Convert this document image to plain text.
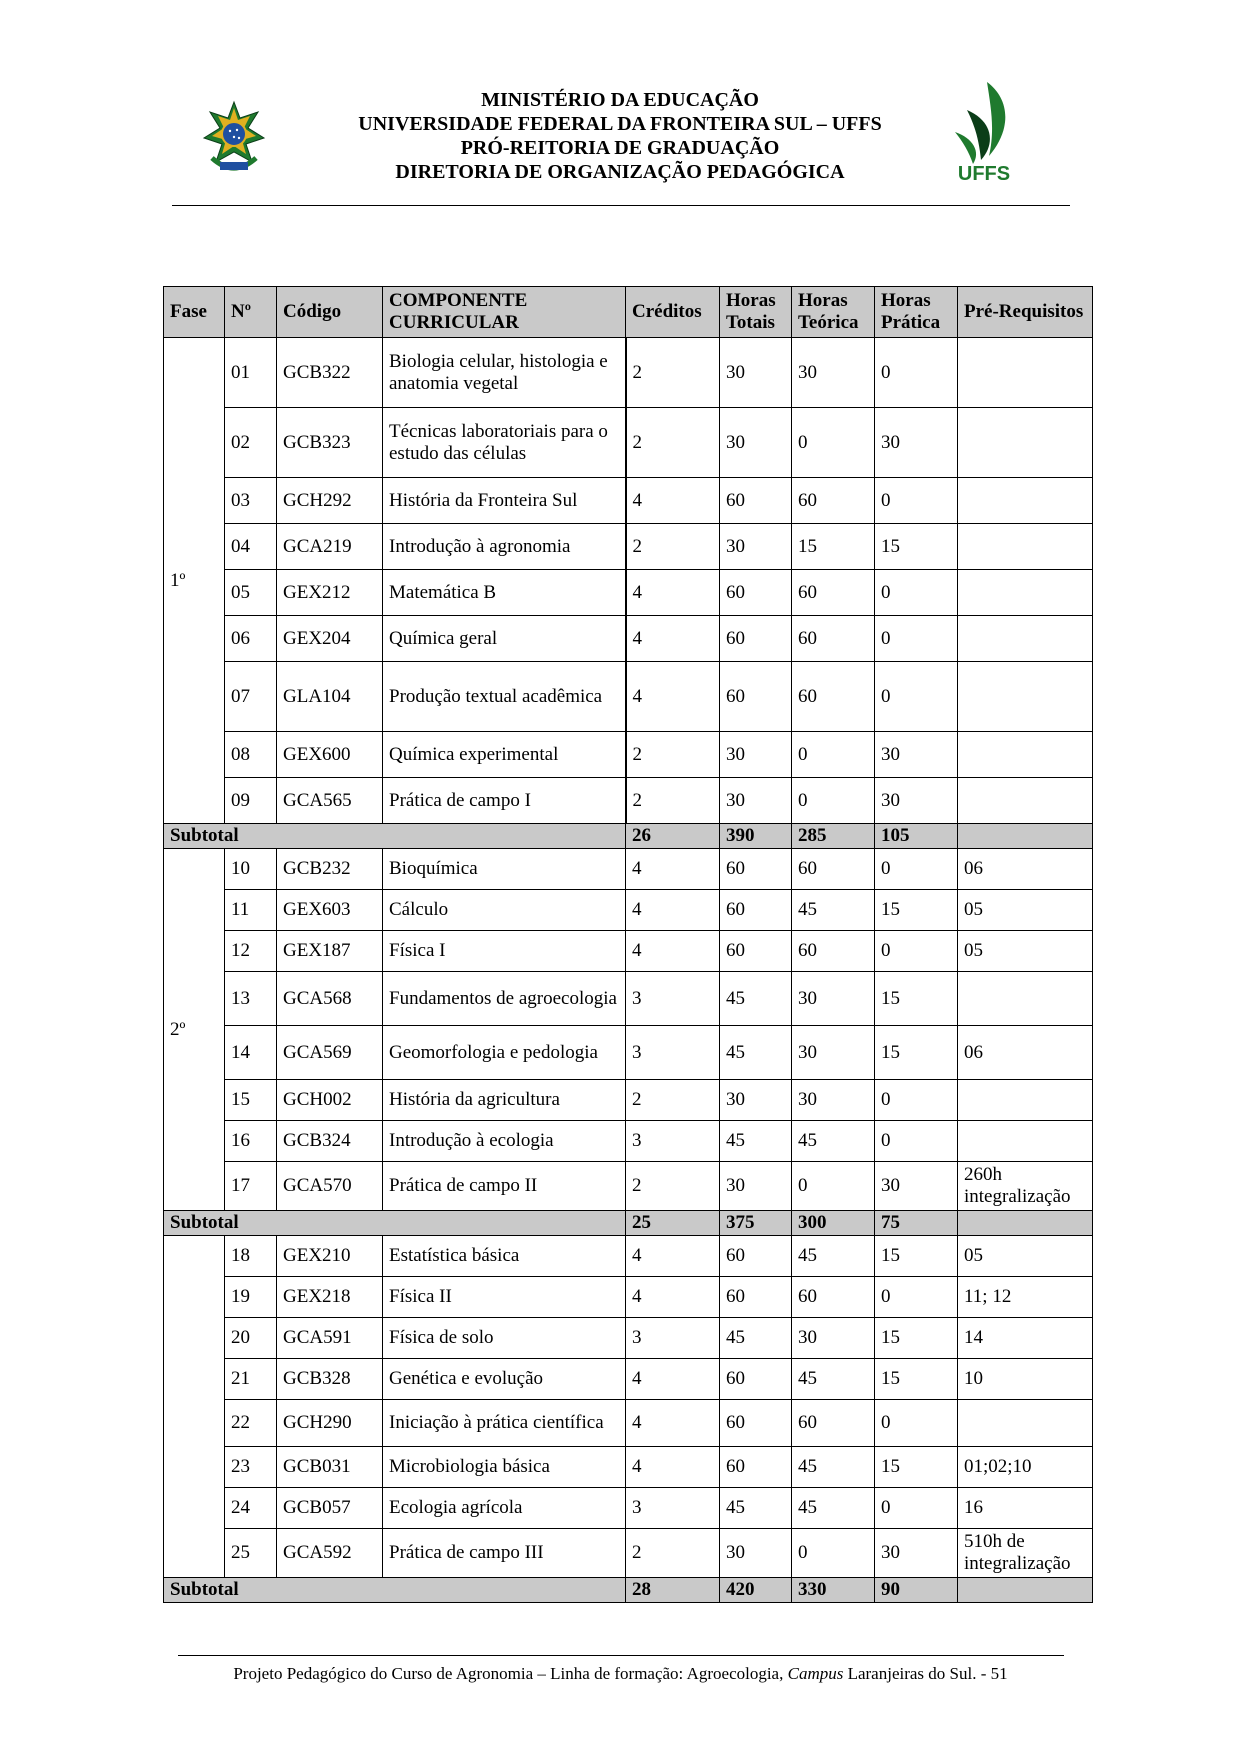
UFFS
MINISTÉRIO DA EDUCAÇÃO
UNIVERSIDADE FEDERAL DA FRONTEIRA SUL – UFFS
PRÓ-REITORIA DE GRADUAÇÃO
DIRETORIA DE ORGANIZAÇÃO PEDAGÓGICA
Fase	Nº	Código	COMPONENTE CURRICULAR	Créditos	Horas Totais	Horas Teórica	Horas Prática	Pré-Requisitos
1º	01	GCB322	Biologia celular, histologia e anatomia vegetal	2	30	30	0	
	02	GCB323	Técnicas laboratoriais para o estudo das células	2	30	0	30	
	03	GCH292	História da Fronteira Sul	4	60	60	0	
	04	GCA219	Introdução à agronomia	2	30	15	15	
	05	GEX212	Matemática B	4	60	60	0	
	06	GEX204	Química geral	4	60	60	0	
	07	GLA104	Produção textual acadêmica	4	60	60	0	
	08	GEX600	Química experimental	2	30	0	30	
	09	GCA565	Prática de campo I	2	30	0	30	
Subtotal				26	390	285	105	
2º	10	GCB232	Bioquímica	4	60	60	0	06
	11	GEX603	Cálculo	4	60	45	15	05
	12	GEX187	Física I	4	60	60	0	05
	13	GCA568	Fundamentos de agroecologia	3	45	30	15	
	14	GCA569	Geomorfologia e pedologia	3	45	30	15	06
	15	GCH002	História da agricultura	2	30	30	0	
	16	GCB324	Introdução à ecologia	3	45	45	0	
	17	GCA570	Prática de campo II	2	30	0	30	260h integralização
Subtotal				25	375	300	75	
	18	GEX210	Estatística básica	4	60	45	15	05
	19	GEX218	Física II	4	60	60	0	11; 12
	20	GCA591	Física de solo	3	45	30	15	14
	21	GCB328	Genética e evolução	4	60	45	15	10
	22	GCH290	Iniciação à prática científica	4	60	60	0	
	23	GCB031	Microbiologia básica	4	60	45	15	01;02;10
	24	GCB057	Ecologia agrícola	3	45	45	0	16
	25	GCA592	Prática de campo III	2	30	0	30	510h de integralização
Subtotal				28	420	330	90	
Projeto Pedagógico do Curso de Agronomia – Linha de formação: Agroecologia, Campus Laranjeiras do Sul. - 51
